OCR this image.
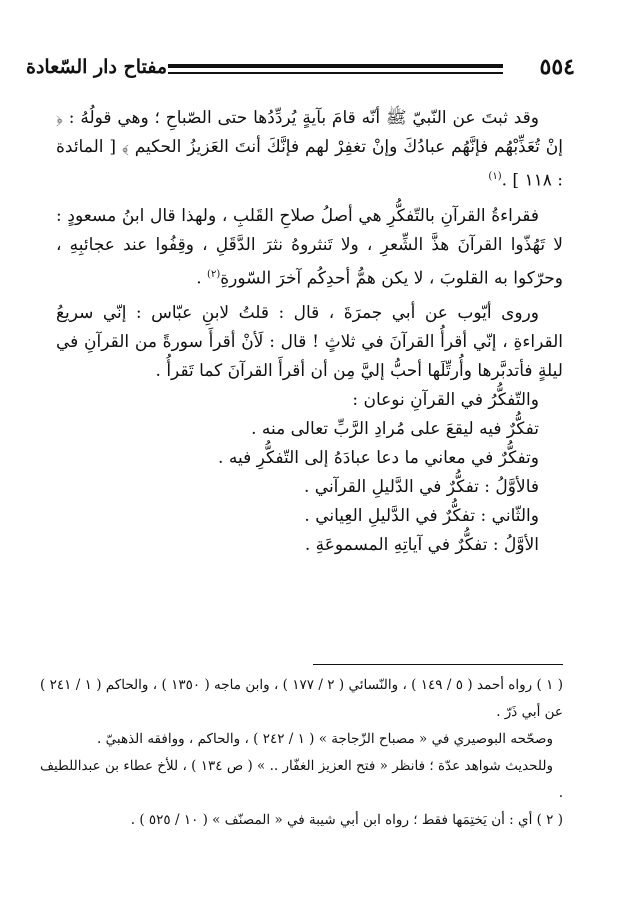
٥٥٤
مفتاح دار السّعادة

وقد ثبتَ عن النّبيّ ﷺ أنّه قامَ بآيةٍ يُردِّدُها حتى الصّباحِ ؛ وهي قولُهُ : ﴿ إنْ تُعَذِّبْهُم فإنَّهُم عبادُكَ وإنْ تغفِرْ لهم فإنَّكَ أنتَ العَزيزُ الحكيم ﴾ [ المائدة : ١١٨ ] .$^{(١)}$

فقراءةُ القرآنِ بالتّفكُّرِ هي أصلُ صلاحِ القَلبِ ، ولهذا قال ابنُ مسعودٍ : لا تَهُذّوا القرآنَ هذَّ الشِّعرِ ، ولا تَنثروهُ نثرَ الدَّقَلِ ، وقِفُوا عند عجائبِهِ ، وحرّكوا به القلوبَ ، لا يكن همُّ أحدِكُم آخرَ السّورةِ$^{(٢)}$ .

وروى أيّوب عن أبي جمرَةَ ، قال : قلتُ لابنِ عبّاس : إنّي سريعُ القراءةِ ، إنّي أقرأُ القرآنَ في ثلاثٍ ! قال : لَأنْ أقرأَ سورةً من القرآنِ في ليلةٍ فأتدبَّرها وأُرتِّلَها أحبُّ إليَّ مِن أن أقرأَ القرآنَ كما تَقرأُ .

والتّفكُّرُ في القرآنِ نوعان :

تفكُّرٌ فيه ليقعَ على مُرادِ الرَّبِّ تعالى منه .

وتفكُّرٌ في معاني ما دعا عبادَهُ إلى التّفكُّرِ فيه .

فالأوَّلُ : تفكُّرٌ في الدَّليلِ القرآني .

والثّاني : تفكُّرٌ في الدَّليلِ العِياني .

الأوَّلُ : تفكُّرٌ في آياتِهِ المسموعَةِ .

( ١ ) رواه أحمد ( ٥ / ١٤٩ ) ، والنّسائي ( ٢ / ١٧٧ ) ، وابن ماجه ( ١٣٥٠ ) ، والحاكم ( ١ / ٢٤١ ) عن أبي ذَرّ .

وصحّحه البوصيري في « مصباح الزّجاجة » ( ١ / ٢٤٢ ) ، والحاكم ، ووافقه الذهبيّ .

وللحديث شواهد عدّة ؛ فانظر « فتح العزيز الغفّار .. » ( ص ١٣٤ ) ، للأخ عطاء بن عبداللطيف .

( ٢ ) أي : أن يَختِمَها فقط ؛ رواه ابن أبي شيبة في « المصنّف » ( ١٠ / ٥٢٥ ) .
